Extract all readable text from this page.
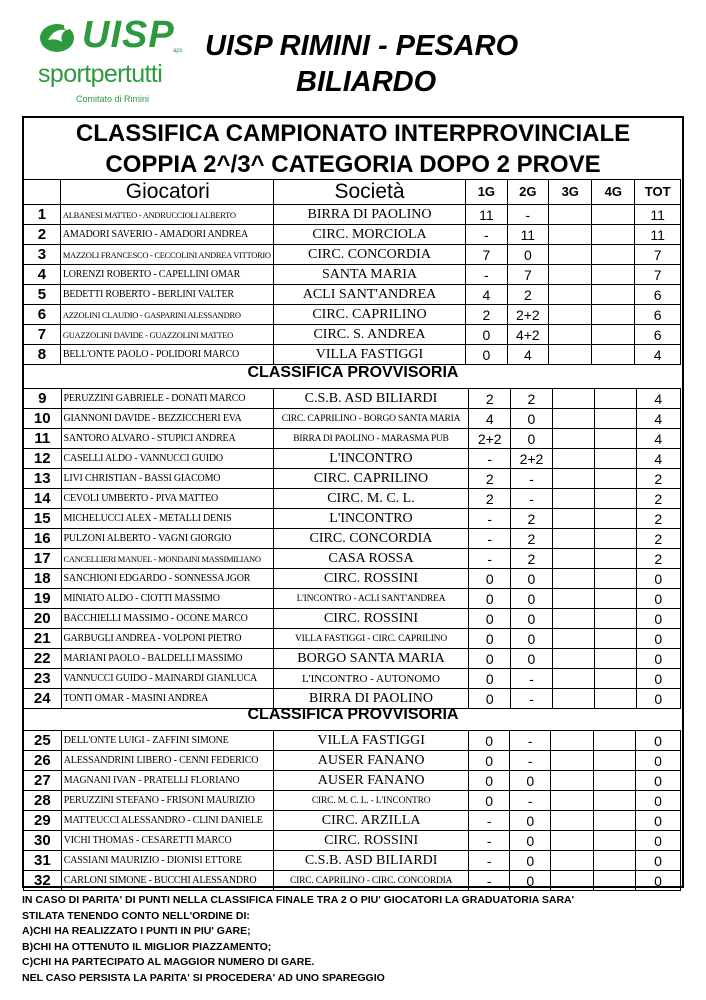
UISP
aps
sportpertutti
Comitato di Rimini
UISP RIMINI - PESARO
BILIARDO
CLASSIFICA CAMPIONATO INTERPROVINCIALE
COPPIA 2^/3^ CATEGORIA DOPO 2 PROVE
	Giocatori	Società	1G	2G	3G	4G	TOT
1	ALBANESI MATTEO - ANDRUCCIOLI ALBERTO	BIRRA DI PAOLINO	11	-			11
2	AMADORI SAVERIO - AMADORI ANDREA	CIRC. MORCIOLA	-	11			11
3	MAZZOLI FRANCESCO - CECCOLINI ANDREA VITTORIO	CIRC. CONCORDIA	7	0			7
4	LORENZI ROBERTO - CAPELLINI OMAR	SANTA MARIA	-	7			7
5	BEDETTI ROBERTO - BERLINI VALTER	ACLI SANT'ANDREA	4	2			6
6	AZZOLINI CLAUDIO - GASPARINI ALESSANDRO	CIRC. CAPRILINO	2	2+2			6
7	GUAZZOLINI DAVIDE - GUAZZOLINI MATTEO	CIRC. S. ANDREA	0	4+2			6
8	BELL'ONTE PAOLO - POLIDORI MARCO	VILLA FASTIGGI	0	4			4
CLASSIFICA PROVVISORIA
9	PERUZZINI GABRIELE - DONATI MARCO	C.S.B. ASD BILIARDI	2	2			4
10	GIANNONI DAVIDE - BEZZICCHERI EVA	CIRC. CAPRILINO - BORGO SANTA MARIA	4	0			4
11	SANTORO ALVARO - STUPICI ANDREA	BIRRA DI PAOLINO - MARASMA PUB	2+2	0			4
12	CASELLI ALDO - VANNUCCI GUIDO	L'INCONTRO	-	2+2			4
13	LIVI CHRISTIAN - BASSI GIACOMO	CIRC. CAPRILINO	2	-			2
14	CEVOLI UMBERTO - PIVA MATTEO	CIRC. M. C. L.	2	-			2
15	MICHELUCCI ALEX - METALLI DENIS	L'INCONTRO	-	2			2
16	PULZONI ALBERTO - VAGNI GIORGIO	CIRC. CONCORDIA	-	2			2
17	CANCELLIERI MANUEL - MONDAINI MASSIMILIANO	CASA ROSSA	-	2			2
18	SANCHIONI EDGARDO - SONNESSA JGOR	CIRC. ROSSINI	0	0			0
19	MINIATO ALDO - CIOTTI MASSIMO	L'INCONTRO - ACLI SANT'ANDREA	0	0			0
20	BACCHIELLI MASSIMO - OCONE MARCO	CIRC. ROSSINI	0	0			0
21	GARBUGLI ANDREA - VOLPONI PIETRO	VILLA FASTIGGI - CIRC. CAPRILINO	0	0			0
22	MARIANI PAOLO - BALDELLI MASSIMO	BORGO SANTA MARIA	0	0			0
23	VANNUCCI GUIDO - MAINARDI GIANLUCA	L'INCONTRO - AUTONOMO	0	-			0
24	TONTI OMAR - MASINI ANDREA	BIRRA DI PAOLINO	0	-			0
CLASSIFICA PROVVISORIA
25	DELL'ONTE LUIGI - ZAFFINI SIMONE	VILLA FASTIGGI	0	-			0
26	ALESSANDRINI LIBERO - CENNI FEDERICO	AUSER FANANO	0	-			0
27	MAGNANI IVAN - PRATELLI FLORIANO	AUSER FANANO	0	0			0
28	PERUZZINI STEFANO - FRISONI MAURIZIO	CIRC. M. C. L. - L'INCONTRO	0	-			0
29	MATTEUCCI ALESSANDRO - CLINI DANIELE	CIRC. ARZILLA	-	0			0
30	VICHI THOMAS - CESARETTI MARCO	CIRC. ROSSINI	-	0			0
31	CASSIANI MAURIZIO - DIONISI ETTORE	C.S.B. ASD BILIARDI	-	0			0
32	CARLONI SIMONE - BUCCHI ALESSANDRO	CIRC. CAPRILINO - CIRC. CONCORDIA	-	0			0
IN CASO DI PARITA' DI PUNTI NELLA CLASSIFICA FINALE TRA 2 O PIU' GIOCATORI LA GRADUATORIA SARA'
STILATA TENENDO CONTO NELL'ORDINE DI:
A)CHI HA REALIZZATO I PUNTI IN PIU' GARE;
B)CHI HA OTTENUTO IL MIGLIOR PIAZZAMENTO;
C)CHI HA PARTECIPATO AL MAGGIOR NUMERO DI GARE.
NEL CASO PERSISTA LA PARITA' SI PROCEDERA' AD UNO SPAREGGIO
